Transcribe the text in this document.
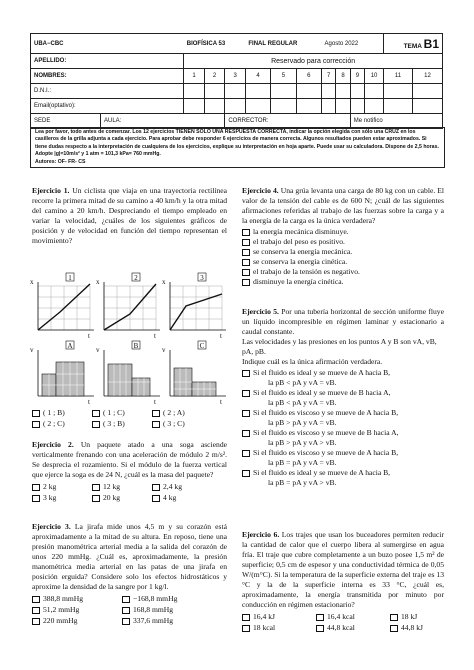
UBA−CBC		BIOFÍSICA 53			FINAL REGULAR			Agosto 2022				TEMA B1	
APELLIDO:		Reservado para corrección											
NOMBRES:		1	2	3	4	5	6	7	8	9	10	11	12
D.N.I.:													
Email(optativo):													
SEDE	AULA:			CORRECTOR:						Me notifico			
Lea por favor, todo antes de comenzar. Los 12 ejercicios TIENEN SOLO UNA RESPUESTA CORRECTA, indicar la opción elegida con sólo una CRUZ en los casilleros de la grilla adjunta a cada ejercicio. Para aprobar debe responder 6 ejercicios de manera correcta. Algunos resultados pueden estar aproximados. Si tiene dudas respecto a la interpretación de cualquiera de los ejercicios, explique su interpretación en hoja aparte. Puede usar su calculadora. Dispone de 2,5 horas. Adopte |g|=10m/s² y 1 atm = 101,3 kPa= 760 mmHg.
Autores: OF- FR- CS

Ejercicio 1. Un ciclista que viaja en una trayectoria rectilínea recorre la primera mitad de su camino a 40 km/h y la otra mitad del camino a 20 km/h. Despreciando el tiempo empleado en variar la velocidad, ¿cuáles de los siguientes gráficos de posición y de velocidad en función del tiempo representan el movimiento?

1
x
t
2
x
t
3
x
t
A
v
t
B
v
t
C
v
t
( 1 ; B)	( 1 ; C)	( 2 ; A)
( 2 ; C)	( 3 ; B)	( 3 ; C)

Ejercicio 2. Un paquete atado a una soga asciende verticalmente frenando con una aceleración de módulo 2 m/s². Se desprecia el rozamiento. Si el módulo de la fuerza vertical que ejerce la soga es de 24 N, ¿cuál es la masa del paquete?

2 kg	12 kg	2,4 kg
3 kg	20 kg	4 kg

Ejercicio 3. La jirafa mide unos 4,5 m y su corazón está aproximadamente a la mitad de su altura. En reposo, tiene una presión manométrica arterial media a la salida del corazón de unos 220 mmHg. ¿Cuál es, aproximadamente, la presión manométrica media arterial en las patas de una jirafa en posición erguida? Considere solo los efectos hidrostáticos y aproxime la densidad de la sangre por 1 kg/l.

388,8 mmHg	−168,8 mmHg
51,2 mmHg	168,8 mmHg
220 mmHg	337,6 mmHg

Ejercicio 4. Una grúa levanta una carga de 80 kg con un cable. El valor de la tensión del cable es de 600 N; ¿cuál de las siguientes afirmaciones referidas al trabajo de las fuerzas sobre la carga y a la energía de la carga es la única verdadera?

la energía mecánica disminuye.
el trabajo del peso es positivo.
se conserva la energía mecánica.
se conserva la energía cinética.
el trabajo de la tensión es negativo.
disminuye la energía cinética.

Ejercicio 5. Por una tubería horizontal de sección uniforme fluye un líquido incompresible en régimen laminar y estacionario a caudal constante.

Las velocidades y las presiones en los puntos A y B son vA, vB, pA, pB.

Indique cuál es la única afirmación verdadera.

Si el fluido es ideal y se mueve de A hacia B,
la pB < pA y vA = vB.
Si el fluido es ideal y se mueve de B hacia A,
la pB < pA y vA = vB.
Si el fluido es viscoso y se mueve de A hacia B,
la pB > pA y vA = vB.
Si el fluido es viscoso y se mueve de B hacia A,
la pB > pA y vA > vB.
Si el fluido es viscoso y se mueve de A hacia B,
la pB = pA y vA = vB.
Si el fluido es ideal y se mueve de A hacia B,
la pB = pA y vA > vB.

Ejercicio 6. Los trajes que usan los buceadores permiten reducir la cantidad de calor que el cuerpo libera al sumergirse en agua fría. El traje que cubre completamente a un buzo posee 1,5 m² de superficie; 0,5 cm de espesor y una conductividad térmica de 0,05 W/(m°C). Si la temperatura de la superficie externa del traje es 13 °C y la de la superficie interna es 33 °C, ¿cuál es, aproximadamente, la energía transmitida por minuto por conducción en régimen estacionario?

16,4 kJ	16,4 kcal	18 kJ
18 kcal	44,8 kcal	44,8 kJ
